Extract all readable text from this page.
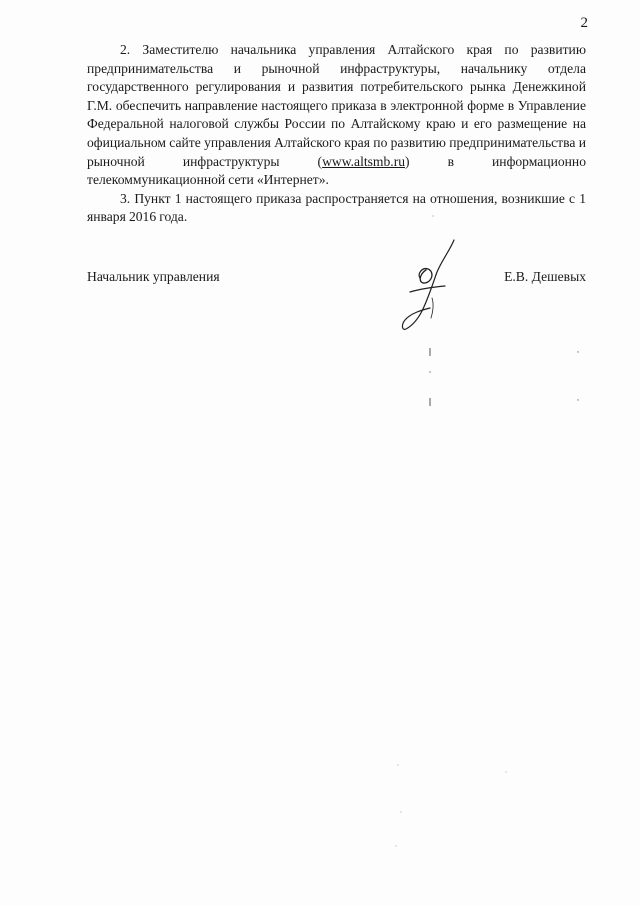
2

2. Заместителю начальника управления Алтайского края по развитию предпринимательства и рыночной инфраструктуры, начальнику отдела государственного регулирования и развития потребительского рынка Денежкиной Г.М. обеспечить направление настоящего приказа в электронной форме в Управление Федеральной налоговой службы России по Алтайскому краю и его размещение на официальном сайте управления Алтайского края по развитию предпринимательства и рыночной инфраструктуры (www.altsmb.ru) в информационно телекоммуникационной сети «Интернет».

3. Пункт 1 настоящего приказа распространяется на отношения, возникшие с 1 января 2016 года.

Начальник управления	Е.В. Дешевых
